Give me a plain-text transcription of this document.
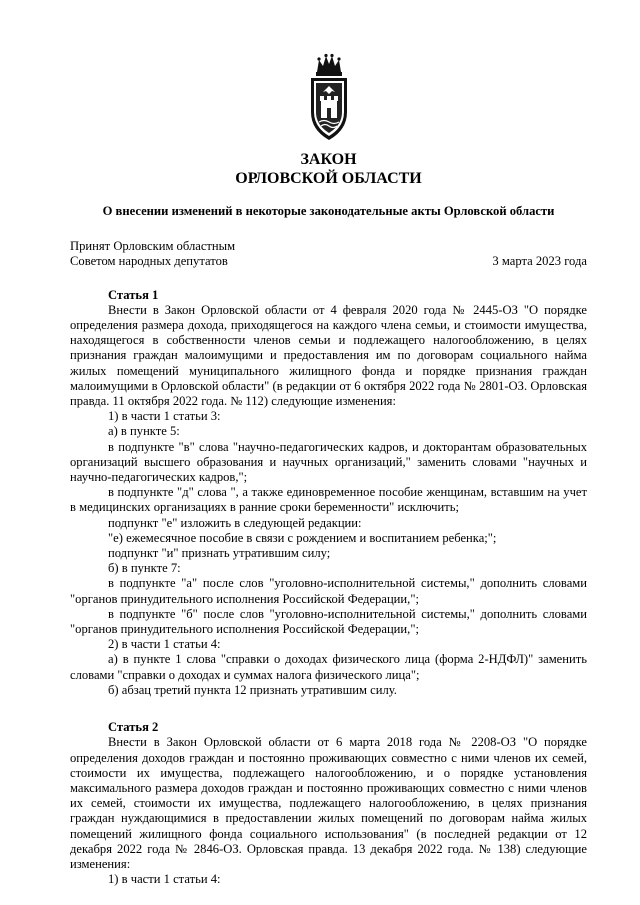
ЗАКОН
ОРЛОВСКОЙ ОБЛАСТИ
О внесении изменений в некоторые законодательные акты Орловской области
Принят Орловским областным
Советом народных депутатов	3 марта 2023 года
Статья 1

Внести в Закон Орловской области от 4 февраля 2020 года № 2445-ОЗ "О порядке определения размера дохода, приходящегося на каждого члена семьи, и стоимости имущества, находящегося в собственности членов семьи и подлежащего налогообложению, в целях признания граждан малоимущими и предоставления им по договорам социального найма жилых помещений муниципального жилищного фонда и порядке признания граждан малоимущими в Орловской области" (в редакции от 6 октября 2022 года № 2801-ОЗ. Орловская правда. 11 октября 2022 года. № 112) следующие изменения:

1) в части 1 статьи 3:

а) в пункте 5:

в подпункте "в" слова "научно-педагогических кадров, и докторантам образовательных организаций высшего образования и научных организаций," заменить словами "научных и научно-педагогических кадров,";

в подпункте "д" слова ", а также единовременное пособие женщинам, вставшим на учет в медицинских организациях в ранние сроки беременности" исключить;

подпункт "е" изложить в следующей редакции:

"е) ежемесячное пособие в связи с рождением и воспитанием ребенка;";

подпункт "и" признать утратившим силу;

б) в пункте 7:

в подпункте "а" после слов "уголовно-исполнительной системы," дополнить словами "органов принудительного исполнения Российской Федерации,";

в подпункте "б" после слов "уголовно-исполнительной системы," дополнить словами "органов принудительного исполнения Российской Федерации,";

2) в части 1 статьи 4:

а) в пункте 1 слова "справки о доходах физического лица (форма 2-НДФЛ)" заменить словами "справки о доходах и суммах налога физического лица";

б) абзац третий пункта 12 признать утратившим силу.

Статья 2

Внести в Закон Орловской области от 6 марта 2018 года № 2208-ОЗ "О порядке определения доходов граждан и постоянно проживающих совместно с ними членов их семей, стоимости их имущества, подлежащего налогообложению, и о порядке установления максимального размера доходов граждан и постоянно проживающих совместно с ними членов их семей, стоимости их имущества, подлежащего налогообложению, в целях признания граждан нуждающимися в предоставлении жилых помещений по договорам найма жилых помещений жилищного фонда социального использования" (в последней редакции от 12 декабря 2022 года № 2846-ОЗ. Орловская правда. 13 декабря 2022 года. № 138) следующие изменения:

1) в части 1 статьи 4:
